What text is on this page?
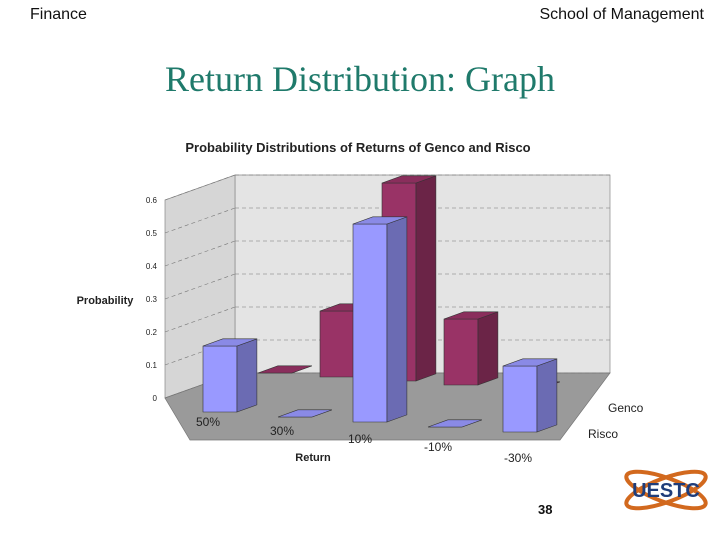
Finance	School of Management
Return Distribution: Graph
0
0.1
0.2
0.3
0.4
0.5
0.6
50%
30%
10%
-10%
-30%
Genco
Risco
Return
Probability
Probability Distributions of Returns of Genco and Risco
38
UESTC
